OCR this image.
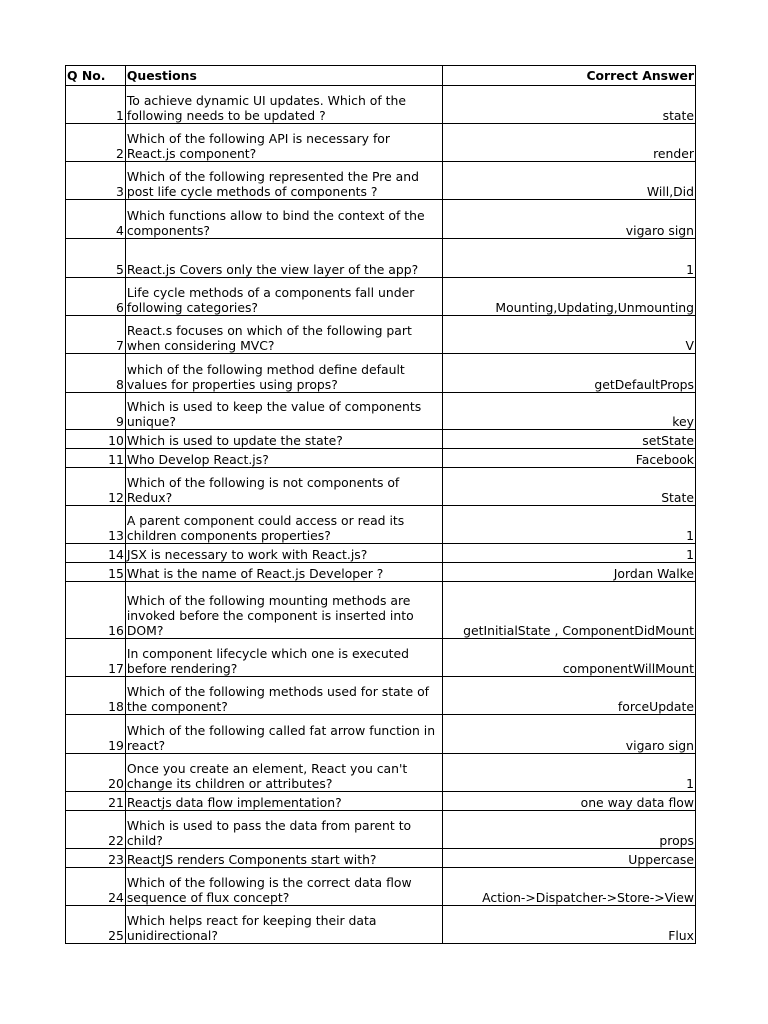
Q No.	Questions	Correct Answer
1	To achieve dynamic UI updates. Which of the following needs to be updated ?	state
2	Which of the following API is necessary for React.js component?	render
3	Which of the following represented the Pre and post life cycle methods of components ?	Will,Did
4	Which functions allow to bind the context of the components?	vigaro sign
5	React.js Covers only the view layer of the app?	1
6	Life cycle methods of a components fall under following categories?	Mounting,Updating,Unmounting
7	React.s focuses on which of the following part when considering MVC?	V
8	which of the following method define default values for properties using props?	getDefaultProps
9	Which is used to keep the value of components unique?	key
10	Which is used to update the state?	setState
11	Who Develop React.js?	Facebook
12	Which of the following is not components of Redux?	State
13	A parent component could access or read its children components properties?	1
14	JSX is necessary to work with React.js?	1
15	What is the name of React.js Developer ?	Jordan Walke
16	Which of the following mounting methods are invoked before the component is inserted into DOM?	getInitialState , ComponentDidMount
17	In component lifecycle which one is executed before rendering?	componentWillMount
18	Which of the following methods used for state of the component?	forceUpdate
19	Which of the following called fat arrow function in react?	vigaro sign
20	Once you create an element, React you can't change its children or attributes?	1
21	Reactjs data flow implementation?	one way data flow
22	Which is used to pass the data from parent to child?	props
23	ReactJS renders Components start with?	Uppercase
24	Which of the following is the correct data flow sequence of flux concept?	Action->Dispatcher->Store->View
25	Which helps react for keeping their data unidirectional?	Flux
